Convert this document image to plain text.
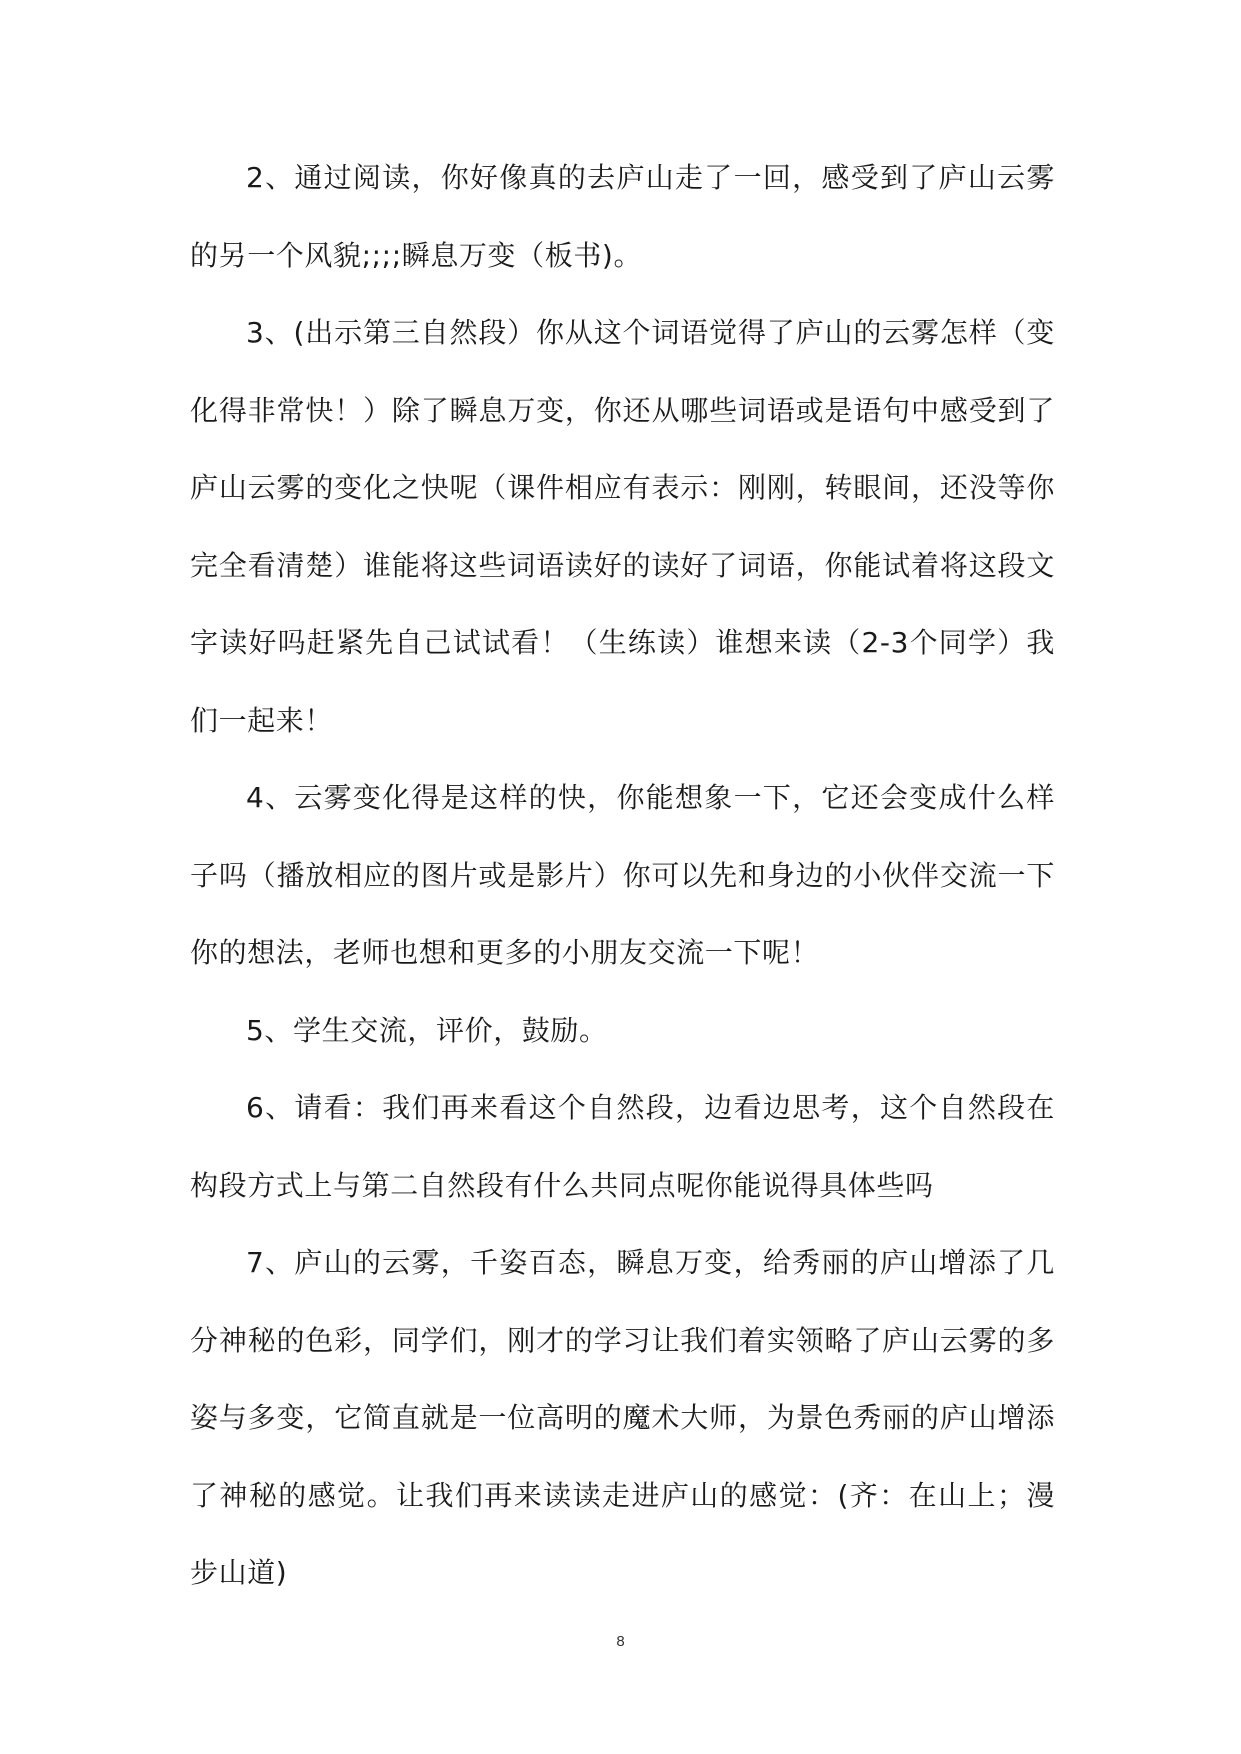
2、通过阅读，你好像真的去庐山走了一回，感受到了庐山云雾的另一个风貌;;;;瞬息万变（板书)。

3、(出示第三自然段）你从这个词语觉得了庐山的云雾怎样（变化得非常快！）除了瞬息万变，你还从哪些词语或是语句中感受到了庐山云雾的变化之快呢（课件相应有表示：刚刚，转眼间，还没等你完全看清楚）谁能将这些词语读好的读好了词语，你能试着将这段文字读好吗赶紧先自己试试看！（生练读）谁想来读（2-3个同学）我们一起来！

4、云雾变化得是这样的快，你能想象一下，它还会变成什么样子吗（播放相应的图片或是影片）你可以先和身边的小伙伴交流一下你的想法，老师也想和更多的小朋友交流一下呢！

5、学生交流，评价，鼓励。

6、请看：我们再来看这个自然段，边看边思考，这个自然段在构段方式上与第二自然段有什么共同点呢你能说得具体些吗

7、庐山的云雾，千姿百态，瞬息万变，给秀丽的庐山增添了几分神秘的色彩，同学们，刚才的学习让我们着实领略了庐山云雾的多姿与多变，它简直就是一位高明的魔术大师，为景色秀丽的庐山增添了神秘的感觉。让我们再来读读走进庐山的感觉：(齐：在山上；漫步山道)

8
